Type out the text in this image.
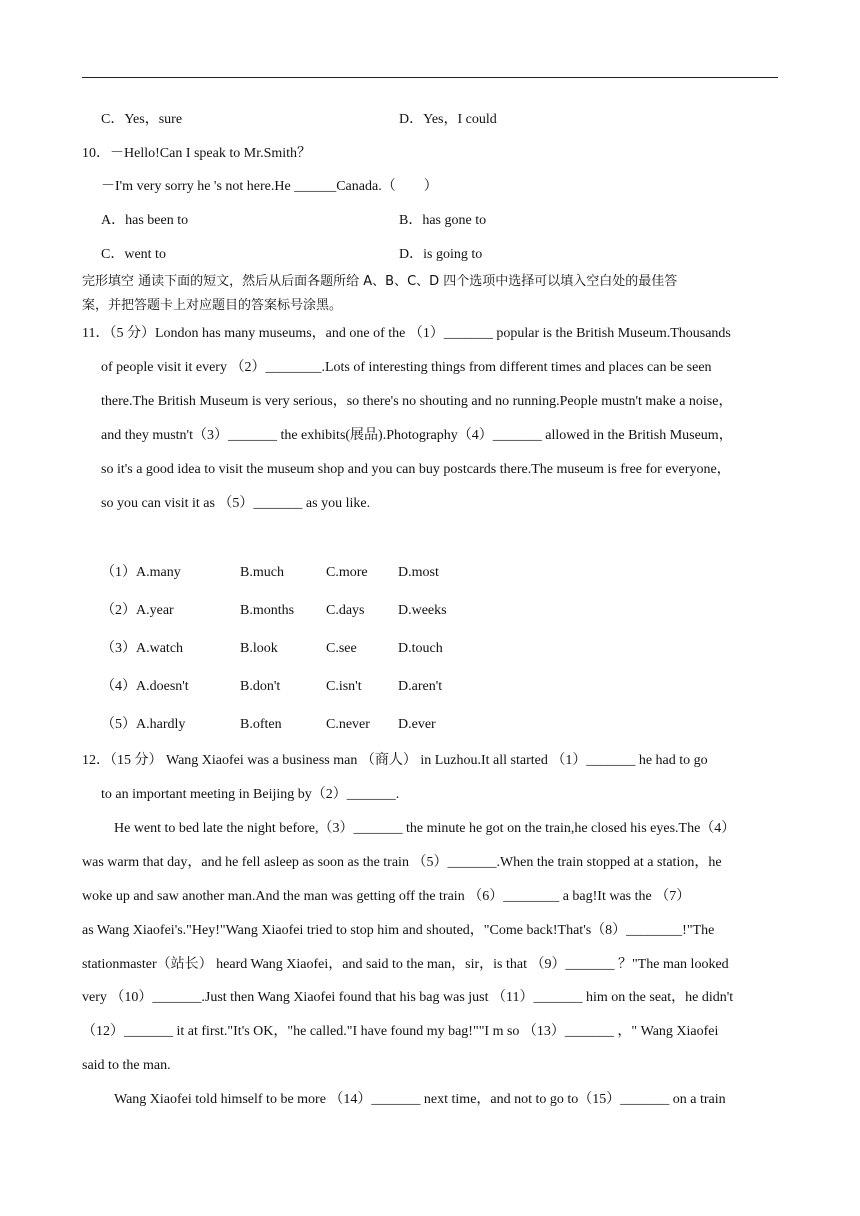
C．Yes，sure	D．Yes，I could
10．－Hello!Can I speak to Mr.Smith？
－I'm very sorry he 's not here.He ______Canada.（　　）
A．has been to	B．has gone to
C．went to	D．is going to
完形填空 通读下面的短文，然后从后面各题所给 A、B、C、D 四个选项中选择可以填入空白处的最佳答
案，并把答题卡上对应题目的答案标号涂黑。
11．（5 分）London has many museums，and one of the （1）_______ popular is the British Museum.Thousands
of people visit it every （2）________.Lots of interesting things from different times and places can be seen
there.The British Museum is very serious，so there's no shouting and no running.People mustn't make a noise，
and they mustn't（3）_______ the exhibits(展品).Photography（4）_______ allowed in the British Museum，
so it's a good idea to visit the museum shop and you can buy postcards there.The museum is free for everyone，
so you can visit it as （5）_______ as you like.
（1）A.many	B.much	C.more D.most
（2）A.year	B.months C.days D.weeks
（3）A.watch	B.look	C.see	D.touch
（4）A.doesn't	B.don't	C.isn't	D.aren't
（5）A.hardly	B.often	C.never D.ever
12．（15 分） Wang Xiaofei was a business man （商人） in Luzhou.It all started （1）_______ he had to go
to an important meeting in Beijing by（2）_______.
He went to bed late the night before,（3）_______ the minute he got on the train,he closed his eyes.The（4）
was warm that day，and he fell asleep as soon as the train （5）_______.When the train stopped at a station，he
woke up and saw another man.And the man was getting off the train （6）________ a bag!It was the （7）
as Wang Xiaofei's."Hey!"Wang Xiaofei tried to stop him and shouted，"Come back!That's（8）________!"The
stationmaster（站长） heard Wang Xiaofei，and said to the man，sir，is that （9）_______ ？"The man looked
very （10）_______.Just then Wang Xiaofei found that his bag was just （11）_______ him on the seat，he didn't
（12）_______ it at first."It's OK，"he called."I have found my bag!""I m so （13）_______ ，" Wang Xiaofei
said to the man.
Wang Xiaofei told himself to be more （14）_______ next time，and not to go to（15）_______ on a train
